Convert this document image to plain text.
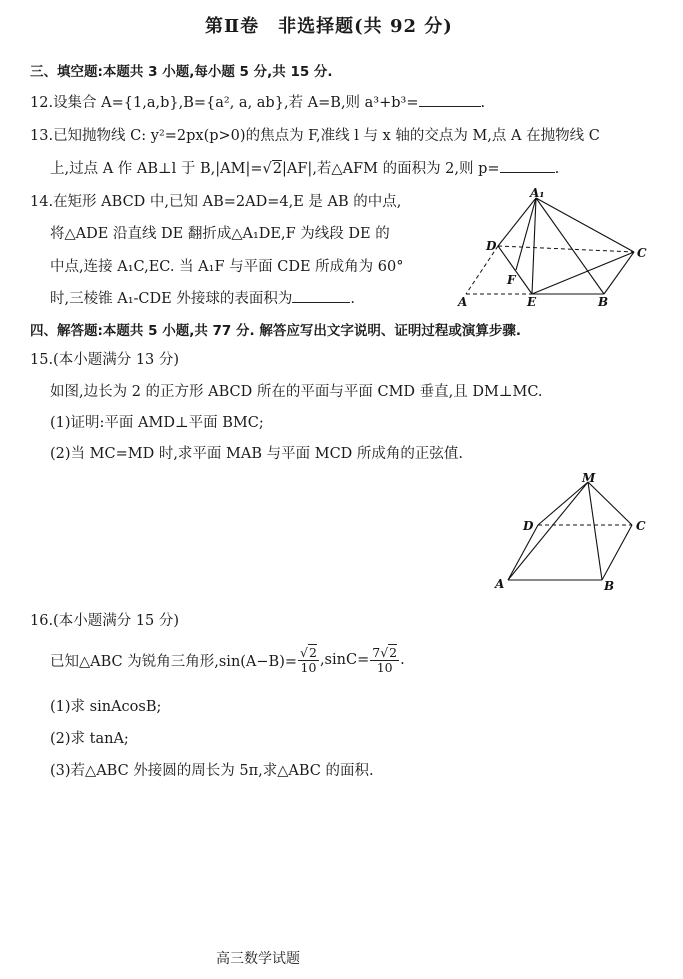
第Ⅱ卷　非选择题(共 92 分)
三、填空题:本题共 3 小题,每小题 5 分,共 15 分.
12.设集合 A={1,a,b},B={a², a, ab},若 A=B,则 a³+b³=	.
13.已知抛物线 C: y²=2px(p>0)的焦点为 F,准线 l 与 x 轴的交点为 M,点 A 在抛物线 C
上,过点 A 作 AB⊥l 于 B,|AM|=√2|AF|,若△AFM 的面积为 2,则 p=	.
14.在矩形 ABCD 中,已知 AB=2AD=4,E 是 AB 的中点,
将△ADE 沿直线 DE 翻折成△A₁DE,F 为线段 DE 的
中点,连接 A₁C,EC. 当 A₁F 与平面 CDE 所成角为 60°
时,三棱锥 A₁-CDE 外接球的表面积为	.
A₁
D	C
F
A	E	B
四、解答题:本题共 5 小题,共 77 分. 解答应写出文字说明、证明过程或演算步骤.
15.(本小题满分 13 分)
如图,边长为 2 的正方形 ABCD 所在的平面与平面 CMD 垂直,且 DM⊥MC.
(1)证明:平面 AMD⊥平面 BMC;
(2)当 MC=MD 时,求平面 MAB 与平面 MCD 所成角的正弦值.
M
D	C
A	B
16.(本小题满分 15 分)
已知△ABC 为锐角三角形$,\sin(A-B)= \frac{√2}{10} ,\sin C= \frac{7√2}{10}$ .
(1)求 sinAcosB;
(2)求 tanA;
(3)若△ABC 外接圆的周长为 5π,求△ABC 的面积.
高三数学试题
